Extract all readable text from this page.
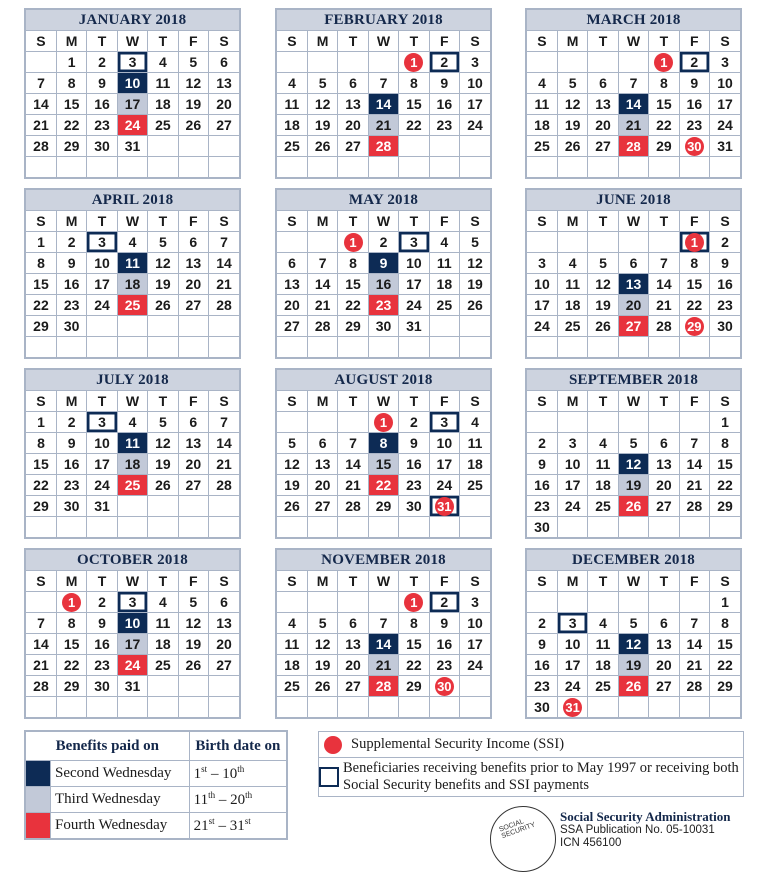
JANUARY 2018
S	M	T	W	T	F	S
	1	2	3	4	5	6
7	8	9	10	11	12	13
14	15	16	17	18	19	20
21	22	23	24	25	26	27
28	29	30	31			

FEBRUARY 2018
S	M	T	W	T	F	S
				1	2	3
4	5	6	7	8	9	10
11	12	13	14	15	16	17
18	19	20	21	22	23	24
25	26	27	28			

MARCH 2018
S	M	T	W	T	F	S
				1	2	3
4	5	6	7	8	9	10
11	12	13	14	15	16	17
18	19	20	21	22	23	24
25	26	27	28	29	30	31

APRIL 2018
S	M	T	W	T	F	S
1	2	3	4	5	6	7
8	9	10	11	12	13	14
15	16	17	18	19	20	21
22	23	24	25	26	27	28
29	30					

MAY 2018
S	M	T	W	T	F	S
		1	2	3	4	5
6	7	8	9	10	11	12
13	14	15	16	17	18	19
20	21	22	23	24	25	26
27	28	29	30	31		

JUNE 2018
S	M	T	W	T	F	S
					1	2
3	4	5	6	7	8	9
10	11	12	13	14	15	16
17	18	19	20	21	22	23
24	25	26	27	28	29	30

JULY 2018
S	M	T	W	T	F	S
1	2	3	4	5	6	7
8	9	10	11	12	13	14
15	16	17	18	19	20	21
22	23	24	25	26	27	28
29	30	31				

AUGUST 2018
S	M	T	W	T	F	S
			1	2	3	4
5	6	7	8	9	10	11
12	13	14	15	16	17	18
19	20	21	22	23	24	25
26	27	28	29	30	31	

SEPTEMBER 2018
S	M	T	W	T	F	S
						1
2	3	4	5	6	7	8
9	10	11	12	13	14	15
16	17	18	19	20	21	22
23	24	25	26	27	28	29
30						
OCTOBER 2018
S	M	T	W	T	F	S
	1	2	3	4	5	6
7	8	9	10	11	12	13
14	15	16	17	18	19	20
21	22	23	24	25	26	27
28	29	30	31			

NOVEMBER 2018
S	M	T	W	T	F	S
				1	2	3
4	5	6	7	8	9	10
11	12	13	14	15	16	17
18	19	20	21	22	23	24
25	26	27	28	29	30	

DECEMBER 2018
S	M	T	W	T	F	S
						1
2	3	4	5	6	7	8
9	10	11	12	13	14	15
16	17	18	19	20	21	22
23	24	25	26	27	28	29
30	31					
Benefits paid on		Birth date on
	Second Wednesday	1st – 10th
	Third Wednesday	11th – 20th
	Fourth Wednesday	21st – 31st
Supplemental Security Income (SSI)
Beneficiaries receiving benefits prior to May 1997 or receiving both Social Security benefits and SSI payments
SOCIAL SECURITY
Social Security Administration
SSA Publication No. 05-10031
ICN 456100
